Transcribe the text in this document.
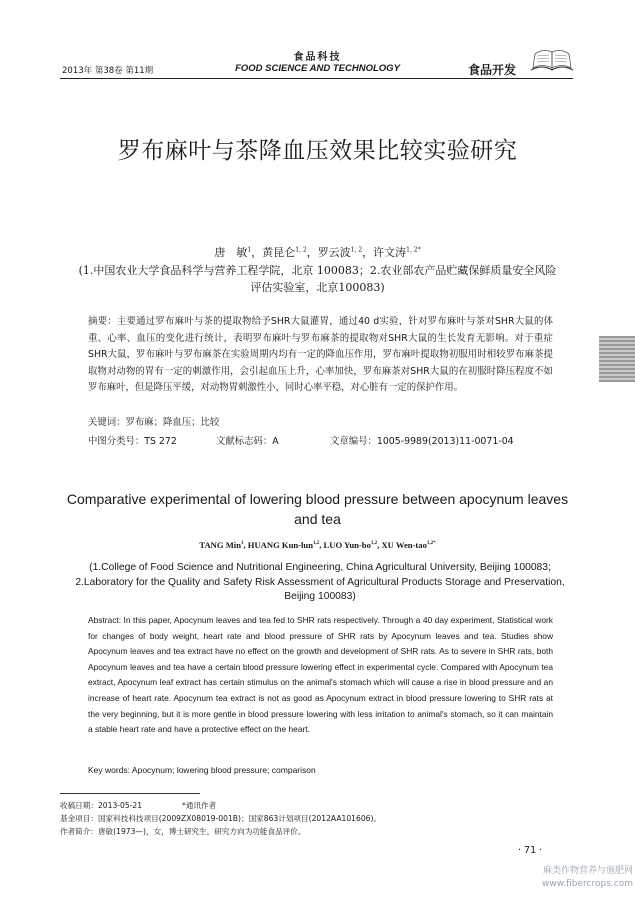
食品科技
FOOD SCIENCE AND TECHNOLOGY
2013年 第38卷 第11期	食品开发
罗布麻叶与茶降血压效果比较实验研究
唐　敏$^1$，黄昆仑$^{1, 2}$，罗云波$^{1, 2}$，许文涛$^{1, 2*}$
(1.中国农业大学食品科学与营养工程学院，北京 100083；2.农业部农产品贮藏保鲜质量安全风险评估实验室，北京100083)
摘要：主要通过罗布麻叶与茶的提取物给予SHR大鼠灌胃，通过40 d实验，针对罗布麻叶与茶对SHR大鼠的体重、心率、血压的变化进行统计，表明罗布麻叶与罗布麻茶的提取物对SHR大鼠的生长发育无影响。对于重症SHR大鼠，罗布麻叶与罗布麻茶在实验周期内均有一定的降血压作用，罗布麻叶提取物初服用时相较罗布麻茶提取物对动物的胃有一定的刺激作用，会引起血压上升，心率加快，罗布麻茶对SHR大鼠的在初服时降压程度不如罗布麻叶，但是降压平缓，对动物胃刺激性小，同时心率平稳，对心脏有一定的保护作用。
关键词：罗布麻；降血压；比较
中图分类号：TS 272	文献标志码：A	文章编号：1005-9989(2013)11-0071-04
Comparative experimental of lowering blood pressure between apocynum leaves and tea
TANG Min$^1$, HUANG Kun-lun$^{1,2}$, LUO Yun-bo$^{1,2}$, XU Wen-tao$^{1,2*}$
(1.College of Food Science and Nutritional Engineering, China Agricultural University, Beijing 100083; 2.Laboratory for the Quality and Safety Risk Assessment of Agricultural Products Storage and Preservation, Beijing 100083)
Abstract: In this paper, Apocynum leaves and tea fed to SHR rats respectively. Through a 40 day experiment, Statistical work for changes of body weight, heart rate and blood pressure of SHR rats by Apocynum leaves and tea. Studies show Apocynum leaves and tea extract have no effect on the growth and development of SHR rats. As to severe in SHR rats, both Apocynum leaves and tea have a certain blood pressure lowering effect in experimental cycle. Compared with Apocynum tea extract, Apocynum leaf extract has certain stimulus on the animal's stomach which will cause a rise in blood pressure and an increase of heart rate. Apocynum tea extract is not as good as Apocynum extract in blood pressure lowering to SHR rats at the very beginning, but it is more gentle in blood pressure lowering with less irritation to animal's stomach, so it can maintain a stable heart rate and have a protective effect on the heart.
Key words: Apocynum; lowering blood pressure; comparison
收稿日期：2013-05-21	*通讯作者
基金项目：国家科技科技项目(2009ZX08019-001B)；国家863计划项目(2012AA101606)。
作者简介：唐敏(1973—)，女，博士研究生，研究方向为功能食品评价。
· 71 ·
麻类作物营养与施肥网
www.fibercrops.com
